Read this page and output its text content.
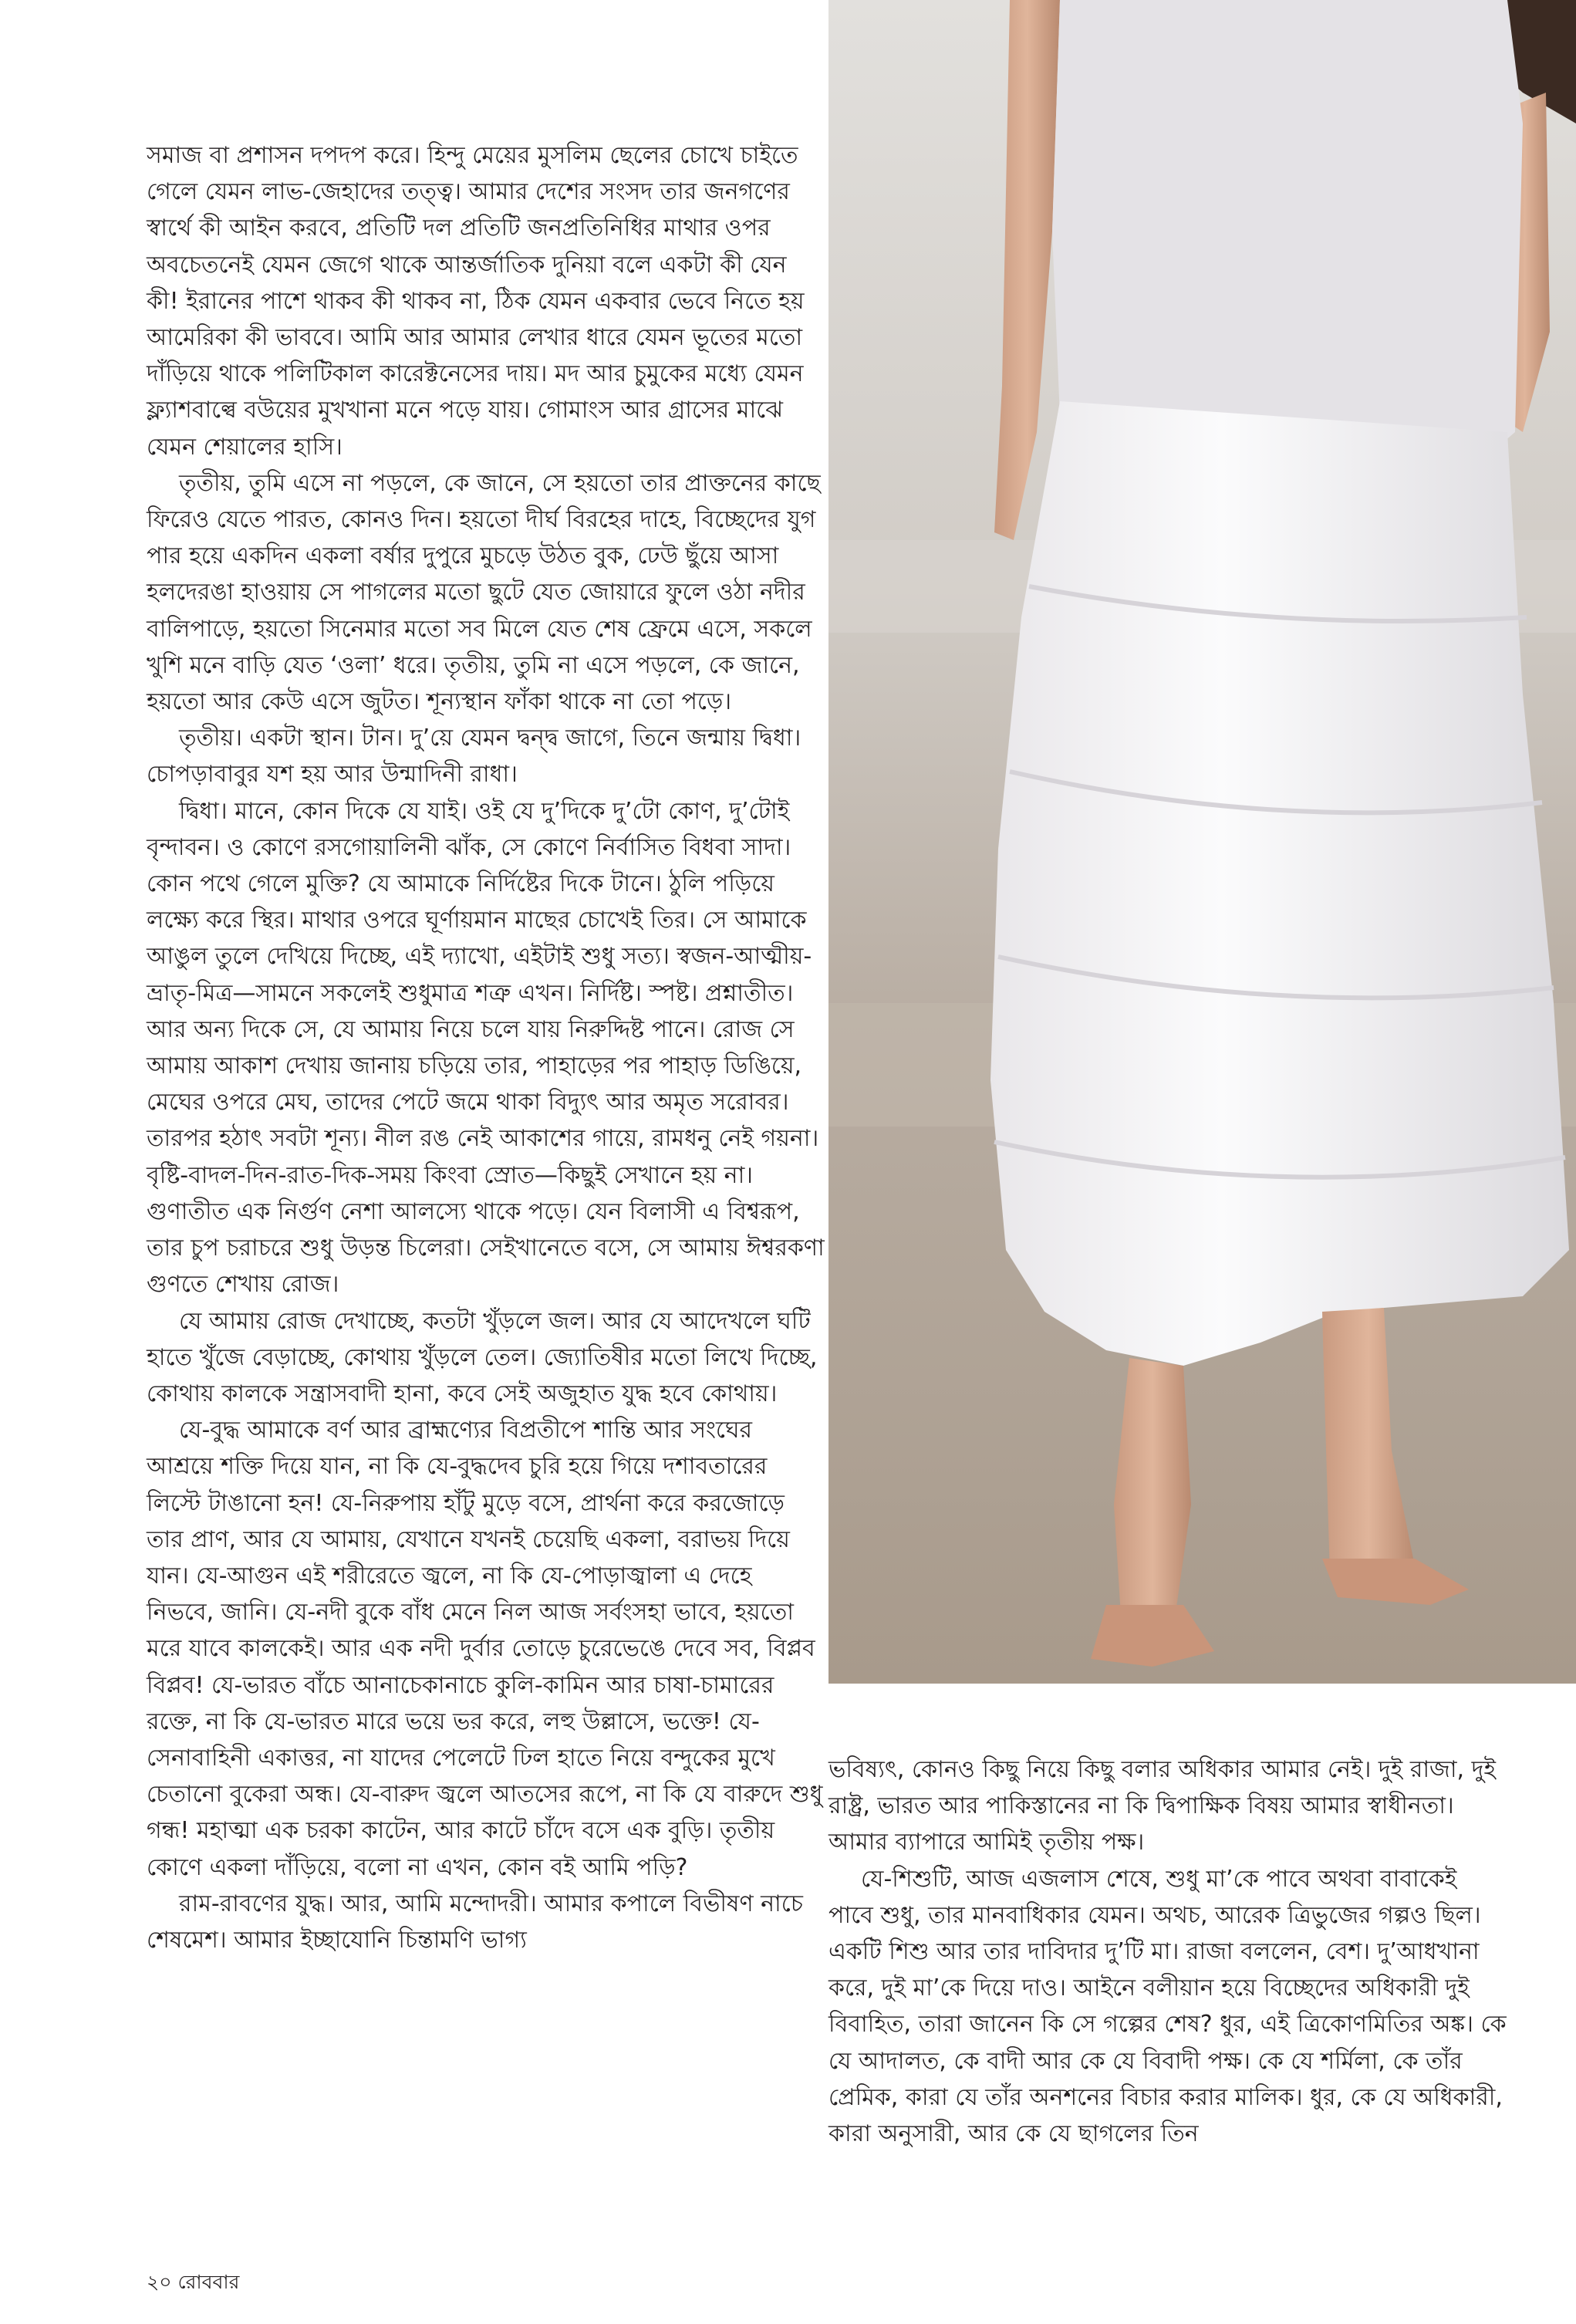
সমাজ বা প্রশাসন দপদপ করে। হিন্দু মেয়ের মুসলিম ছেলের চোখে চাইতে গেলে যেমন লাভ-জেহাদের তত্ত্ব। আমার দেশের সংসদ তার জনগণের স্বার্থে কী আইন করবে, প্রতিটি দল প্রতিটি জনপ্রতিনিধির মাথার ওপর অবচেতনেই যেমন জেগে থাকে আন্তর্জাতিক দুনিয়া বলে একটা কী যেন কী! ইরানের পাশে থাকব কী থাকব না, ঠিক যেমন একবার ভেবে নিতে হয় আমেরিকা কী ভাববে। আমি আর আমার লেখার ধারে যেমন ভূতের মতো দাঁড়িয়ে থাকে পলিটিকাল কারেক্টনেসের দায়। মদ আর চুমুকের মধ্যে যেমন ফ্ল্যাশবাল্বে বউয়ের মুখখানা মনে পড়ে যায়। গোমাংস আর গ্রাসের মাঝে যেমন শেয়ালের হাসি।

তৃতীয়, তুমি এসে না পড়লে, কে জানে, সে হয়তো তার প্রাক্তনের কাছে ফিরেও যেতে পারত, কোনও দিন। হয়তো দীর্ঘ বিরহের দাহে, বিচ্ছেদের যুগ পার হয়ে একদিন একলা বর্ষার দুপুরে মুচড়ে উঠত বুক, ঢেউ ছুঁয়ে আসা হলদেরঙা হাওয়ায় সে পাগলের মতো ছুটে যেত জোয়ারে ফুলে ওঠা নদীর বালিপাড়ে, হয়তো সিনেমার মতো সব মিলে যেত শেষ ফ্রেমে এসে, সকলে খুশি মনে বাড়ি যেত ‘ওলা’ ধরে। তৃতীয়, তুমি না এসে পড়লে, কে জানে, হয়তো আর কেউ এসে জুটত। শূন্যস্থান ফাঁকা থাকে না তো পড়ে।

তৃতীয়। একটা স্থান। টান। দু’য়ে যেমন দ্বন্দ্ব জাগে, তিনে জন্মায় দ্বিধা। চোপড়াবাবুর যশ হয় আর উন্মাদিনী রাধা।

দ্বিধা। মানে, কোন দিকে যে যাই। ওই যে দু’দিকে দু’টো কোণ, দু’টোই বৃন্দাবন। ও কোণে রসগোয়ালিনী ঝাঁক, সে কোণে নির্বাসিত বিধবা সাদা। কোন পথে গেলে মুক্তি? যে আমাকে নির্দিষ্টের দিকে টানে। ঠুলি পড়িয়ে লক্ষ্যে করে স্থির। মাথার ওপরে ঘূর্ণায়মান মাছের চোখেই তির। সে আমাকে আঙুল তুলে দেখিয়ে দিচ্ছে, এই দ্যাখো, এইটাই শুধু সত্য। স্বজন-আত্মীয়-ভ্রাতৃ-মিত্র—সামনে সকলেই শুধুমাত্র শত্রু এখন। নির্দিষ্ট। স্পষ্ট। প্রশ্নাতীত। আর অন্য দিকে সে, যে আমায় নিয়ে চলে যায় নিরুদ্দিষ্ট পানে। রোজ সে আমায় আকাশ দেখায় জানায় চড়িয়ে তার, পাহাড়ের পর পাহাড় ডিঙিয়ে, মেঘের ওপরে মেঘ, তাদের পেটে জমে থাকা বিদ্যুৎ আর অমৃত সরোবর। তারপর হঠাৎ সবটা শূন্য। নীল রঙ নেই আকাশের গায়ে, রামধনু নেই গয়না। বৃষ্টি-বাদল-দিন-রাত-দিক-সময় কিংবা স্রোত—কিছুই সেখানে হয় না। গুণাতীত এক নির্গুণ নেশা আলস্যে থাকে পড়ে। যেন বিলাসী এ বিশ্বরূপ, তার চুপ চরাচরে শুধু উড়ন্ত চিলেরা। সেইখানেতে বসে, সে আমায় ঈশ্বরকণা গুণতে শেখায় রোজ।

যে আমায় রোজ দেখাচ্ছে, কতটা খুঁড়লে জল। আর যে আদেখলে ঘটি হাতে খুঁজে বেড়াচ্ছে, কোথায় খুঁড়লে তেল। জ্যোতিষীর মতো লিখে দিচ্ছে, কোথায় কালকে সন্ত্রাসবাদী হানা, কবে সেই অজুহাত যুদ্ধ হবে কোথায়।

যে-বুদ্ধ আমাকে বর্ণ আর ব্রাহ্মণ্যের বিপ্রতীপে শান্তি আর সংঘের আশ্রয়ে শক্তি দিয়ে যান, না কি যে-বুদ্ধদেব চুরি হয়ে গিয়ে দশাবতারের লিস্টে টাঙানো হন! যে-নিরুপায় হাঁটু মুড়ে বসে, প্রার্থনা করে করজোড়ে তার প্রাণ, আর যে আমায়, যেখানে যখনই চেয়েছি একলা, বরাভয় দিয়ে যান। যে-আগুন এই শরীরেতে জ্বলে, না কি যে-পোড়াজ্বালা এ দেহে নিভবে, জানি। যে-নদী বুকে বাঁধ মেনে নিল আজ সর্বংসহা ভাবে, হয়তো মরে যাবে কালকেই। আর এক নদী দুর্বার তোড়ে চুরেভেঙে দেবে সব, বিপ্লব বিপ্লব! যে-ভারত বাঁচে আনাচেকানাচে কুলি-কামিন আর চাষা-চামারের রক্তে, না কি যে-ভারত মারে ভয়ে ভর করে, লহু উল্লাসে, ভক্তে! যে-সেনাবাহিনী একাত্তর, না যাদের পেলেটে ঢিল হাতে নিয়ে বন্দুকের মুখে চেতানো বুকেরা অন্ধ। যে-বারুদ জ্বলে আতসের রূপে, না কি যে বারুদে শুধু গন্ধ! মহাত্মা এক চরকা কাটেন, আর কাটে চাঁদে বসে এক বুড়ি। তৃতীয় কোণে একলা দাঁড়িয়ে, বলো না এখন, কোন বই আমি পড়ি?

রাম-রাবণের যুদ্ধ। আর, আমি মন্দোদরী। আমার কপালে বিভীষণ নাচে শেষমেশ। আমার ইচ্ছাযোনি চিন্তামণি ভাগ্য

ভবিষ্যৎ, কোনও কিছু নিয়ে কিছু বলার অধিকার আমার নেই। দুই রাজা, দুই রাষ্ট্র, ভারত আর পাকিস্তানের না কি দ্বিপাক্ষিক বিষয় আমার স্বাধীনতা। আমার ব্যাপারে আমিই তৃতীয় পক্ষ।

যে-শিশুটি, আজ এজলাস শেষে, শুধু মা’কে পাবে অথবা বাবাকেই পাবে শুধু, তার মানবাধিকার যেমন। অথচ, আরেক ত্রিভুজের গল্পও ছিল। একটি শিশু আর তার দাবিদার দু’টি মা। রাজা বললেন, বেশ। দু’আধখানা করে, দুই মা’কে দিয়ে দাও। আইনে বলীয়ান হয়ে বিচ্ছেদের অধিকারী দুই বিবাহিত, তারা জানেন কি সে গল্পের শেষ? ধুর, এই ত্রিকোণমিতির অঙ্ক। কে যে আদালত, কে বাদী আর কে যে বিবাদী পক্ষ। কে যে শর্মিলা, কে তাঁর প্রেমিক, কারা যে তাঁর অনশনের বিচার করার মালিক। ধুর, কে যে অধিকারী, কারা অনুসারী, আর কে যে ছাগলের তিন

২০ রোববার
